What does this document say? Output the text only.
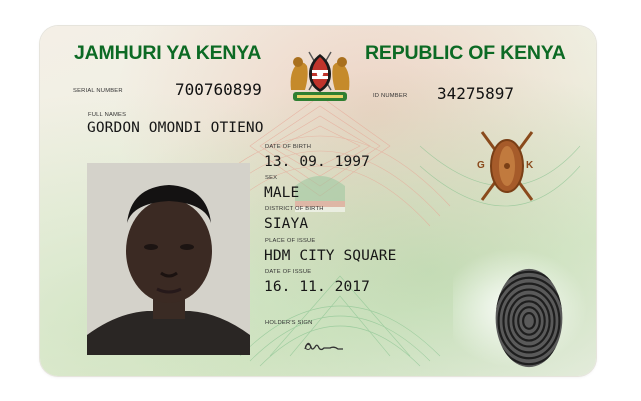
JAMHURI YA KENYA	REPUBLIC OF KENYA
SERIAL NUMBER	700760899	ID NUMBER 34275897
FULL NAMES
GORDON OMONDI OTIENO
DATE OF BIRTH
13. 09. 1997
SEX
MALE
DISTRICT OF BIRTH
SIAYA
PLACE OF ISSUE
HDM CITY SQUARE
DATE OF ISSUE
16. 11. 2017
HOLDER'S SIGN
G	K
